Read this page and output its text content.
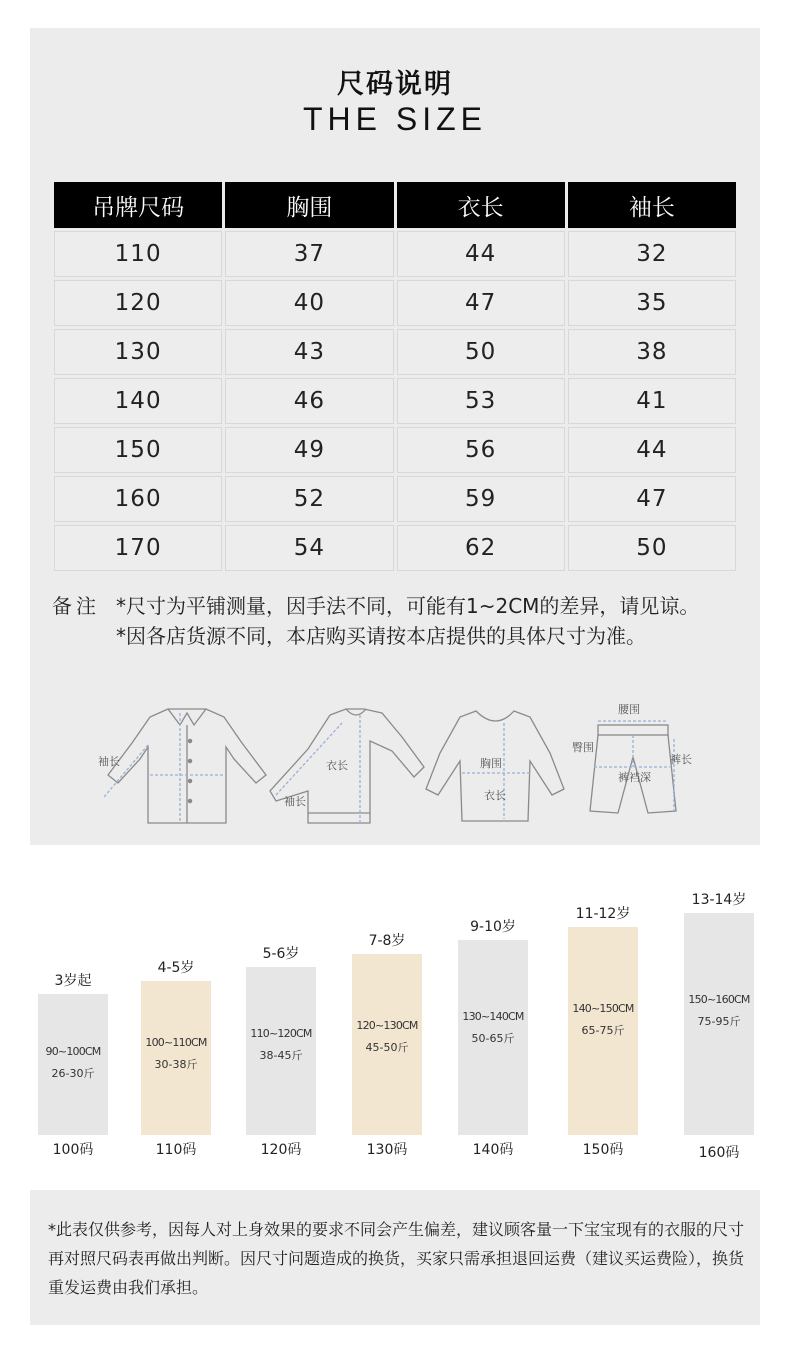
尺码说明
THE SIZE
吊牌尺码	胸围	衣长	袖长
110	37	44	32
120	40	47	35
130	43	50	38
140	46	53	41
150	49	56	44
160	52	59	47
170	54	62	50
备注 *尺寸为平铺测量，因手法不同，可能有1~2CM的差异，请见谅。
*因各店货源不同，本店购买请按本店提供的具体尺寸为准。
袖长	衣长
袖长
胸围
衣长
腰围
臀围
裤裆深
裤长
3岁起
90~100CM
26-30斤
100码
4-5岁
100~110CM
30-38斤
110码
5-6岁
110~120CM
38-45斤
120码
7-8岁
120~130CM
45-50斤
130码
9-10岁
130~140CM
50-65斤
140码
11-12岁
140~150CM
65-75斤
150码
13-14岁
150~160CM
75-95斤
160码
*此表仅供参考，因每人对上身效果的要求不同会产生偏差，建议顾客量一下宝宝现有的衣服的尺寸再对照尺码表再做出判断。因尺寸问题造成的换货，买家只需承担退回运费（建议买运费险），换货重发运费由我们承担。
